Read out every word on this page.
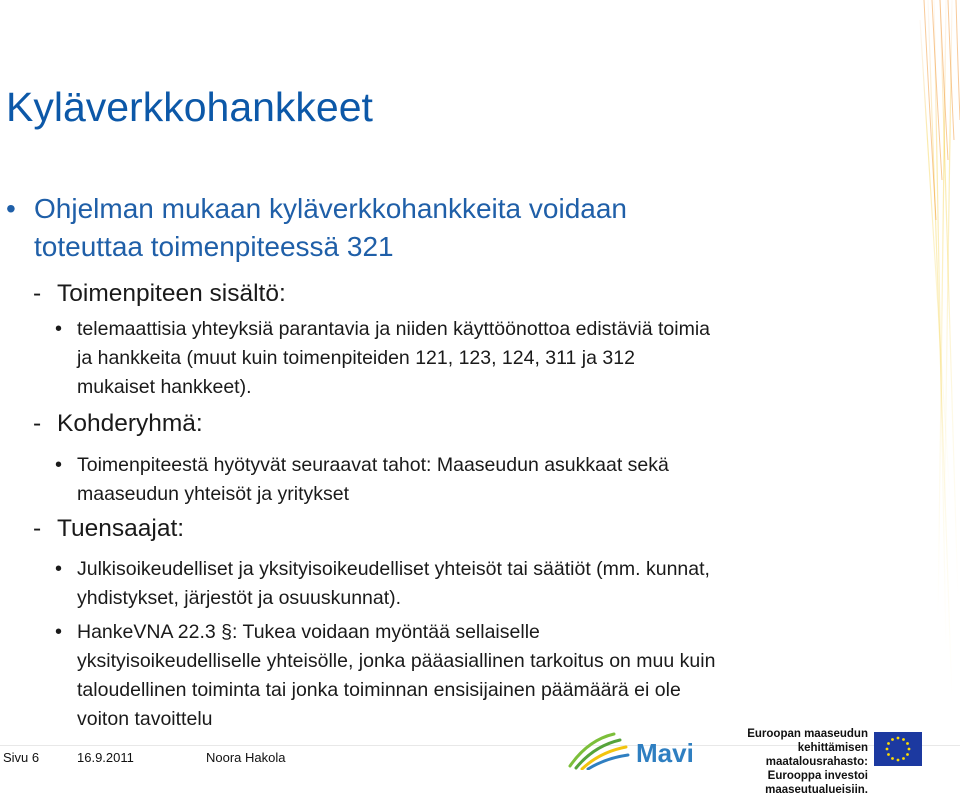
Kyläverkkohankkeet
• Ohjelman mukaan kyläverkkohankkeita voidaan
toteuttaa toimenpiteessä 321
- Toimenpiteen sisältö:
• telemaattisia yhteyksiä parantavia ja niiden käyttöönottoa edistäviä toimia
ja hankkeita (muut kuin toimenpiteiden 121, 123, 124, 311 ja 312
mukaiset hankkeet).
- Kohderyhmä:
• Toimenpiteestä hyötyvät seuraavat tahot: Maaseudun asukkaat sekä
maaseudun yhteisöt ja yritykset
- Tuensaajat:
• Julkisoikeudelliset ja yksityisoikeudelliset yhteisöt tai säätiöt (mm. kunnat,
yhdistykset, järjestöt ja osuuskunnat).
• HankeVNA 22.3 §: Tukea voidaan myöntää sellaiselle
yksityisoikeudelliselle yhteisölle, jonka pääasiallinen tarkoitus on muu kuin
taloudellinen toiminta tai jonka toiminnan ensisijainen päämäärä ei ole
voiton tavoittelu
Sivu 6	16.9.2011	Noora Hakola	Mavi
Euroopan maaseudun
kehittämisen maatalousrahasto:
Eurooppa investoi maaseutualueisiin.
